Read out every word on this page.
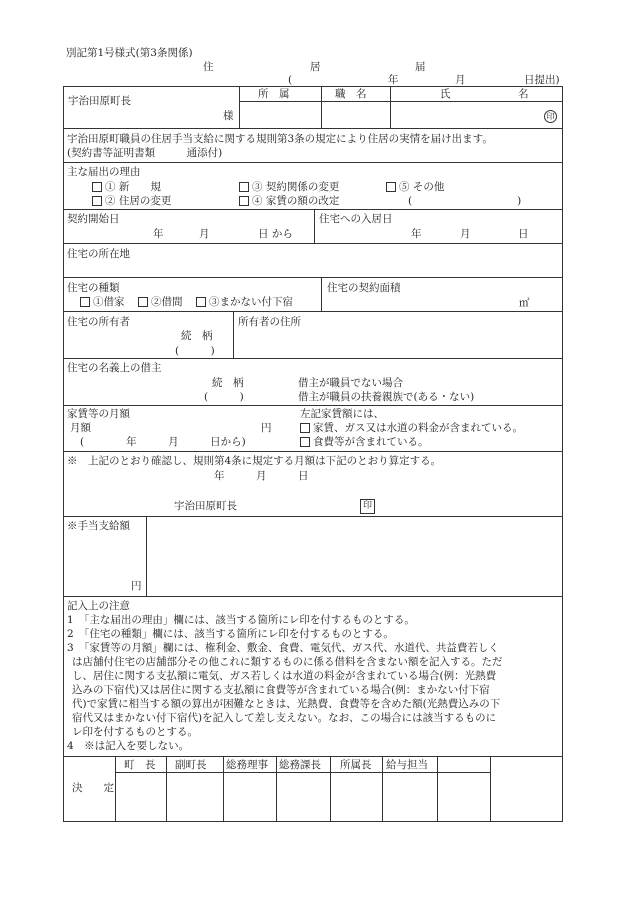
別記第1号様式(第3条関係)
住	居	届
(	年	月	日提出)
宇治田原町長
様
所　属	職　名	氏	名
印
宇治田原町職員の住居手当支給に関する規則第3条の規定により住居の実情を届け出ます。
(契約書等証明書類　　　通添付)
主な届出の理由
① 新　　規
② 住居の変更
③ 契約関係の変更
④ 家賃の額の改定
⑤ その他
(　　　　　　　　　　)
契約開始日
年	月	日 から
住宅への入居日
年	月	日
住宅の所在地
住宅の種類
①借家	②借間	③まかない付下宿
住宅の契約面積
㎡
住宅の所有者
続　柄
(　　　)
所有者の住所
住宅の名義上の借主
続　柄
(　　　)
借主が職員でない場合
借主が職員の扶養親族で(ある・ない)
家賃等の月額
月額	円
(　　　　年　　　月　　　日から)
左記家賃額には、
家賃、ガス又は水道の料金が含まれている。
食費等が含まれている。
※　上記のとおり確認し、規則第4条に規定する月額は下記のとおり算定する。
年　　　月　　　日
宇治田原町長	印
※手当支給額
円
記入上の注意
1　「主な届出の理由」欄には、該当する箇所にレ印を付するものとする。
2　「住宅の種類」欄には、該当する箇所にレ印を付するものとする。
3　「家賃等の月額」欄には、権利金、敷金、食費、電気代、ガス代、水道代、共益費若しく
は店舗付住宅の店舗部分その他これに類するものに係る借料を含まない額を記入する。ただ
し、居住に関する支払額に電気、ガス若しくは水道の料金が含まれている場合(例：光熱費
込みの下宿代)又は居住に関する支払額に食費等が含まれている場合(例：まかない付下宿
代)で家賃に相当する額の算出が困難なときは、光熱費、食費等を含めた額(光熱費込みの下
宿代又はまかない付下宿代)を記入して差し支えない。なお、この場合には該当するものに
レ印を付するものとする。
4　※は記入を要しない。
決　　定
町　長 副町長 総務理事 総務課長 所属長 給与担当
